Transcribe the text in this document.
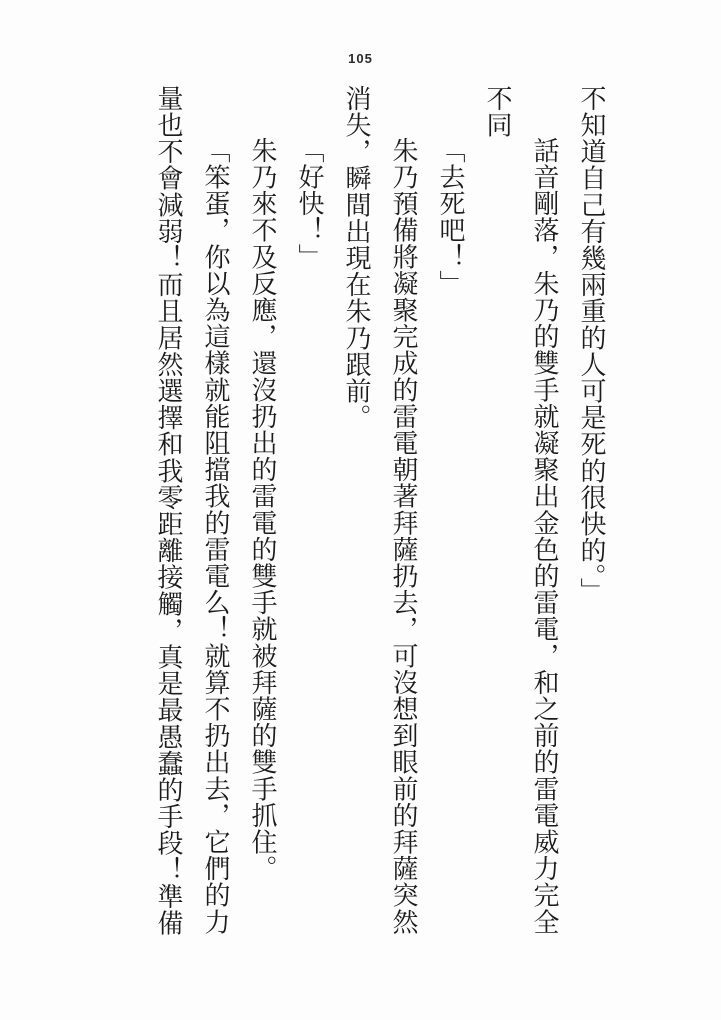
105
不知道自己有幾兩重的人可是死的很快的。」
話音剛落，朱乃的雙手就凝聚出金色的雷電，和之前的雷電威力完全
不同
「去死吧！」
朱乃預備將凝聚完成的雷電朝著拜薩扔去，可沒想到眼前的拜薩突然
消失，瞬間出現在朱乃跟前。
「好快！」
朱乃來不及反應，還沒扔出的雷電的雙手就被拜薩的雙手抓住。
「笨蛋，你以為這樣就能阻擋我的雷電么！就算不扔出去，它們的力
量也不會減弱！而且居然選擇和我零距離接觸，真是最愚蠢的手段！準備
